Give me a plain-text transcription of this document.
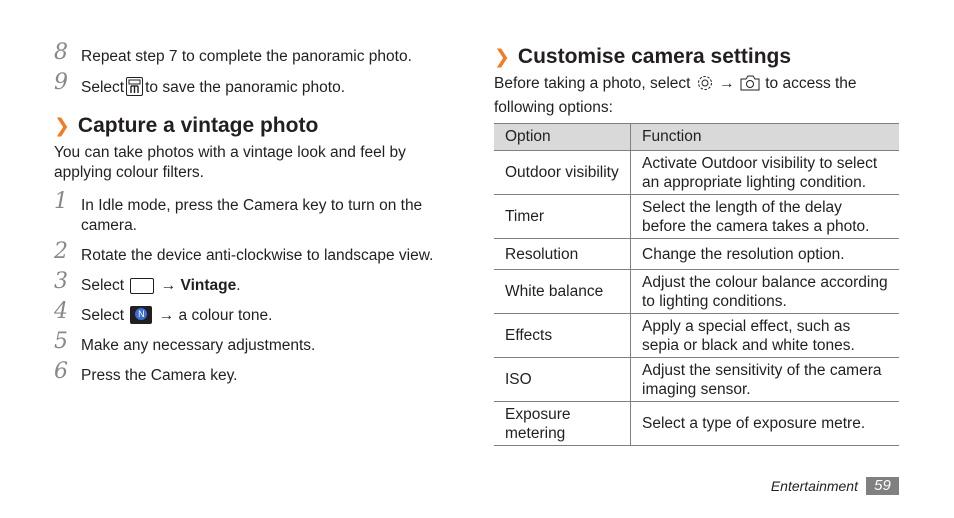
8 Repeat step 7 to complete the panoramic photo.
9 Select to save the panoramic photo.
❯ Capture a vintage photo
You can take photos with a vintage look and feel by applying colour filters.
1 In Idle mode, press the Camera key to turn on the camera.
2 Rotate the device anti-clockwise to landscape view.
3 Select → Vintage.
4 Select	N → a colour tone.
5 Make any necessary adjustments.
6 Press the Camera key.
❯ Customise camera settings
Before taking a photo, select → to access the following options:
Option	Function
Outdoor visibility	Activate Outdoor visibility to select an appropriate lighting condition.
Timer	Select the length of the delay before the camera takes a photo.
Resolution	Change the resolution option.
White balance	Adjust the colour balance according to lighting conditions.
Effects	Apply a special effect, such as sepia or black and white tones.
ISO	Adjust the sensitivity of the camera imaging sensor.
Exposure metering	Select a type of exposure metre.
Entertainment	59
